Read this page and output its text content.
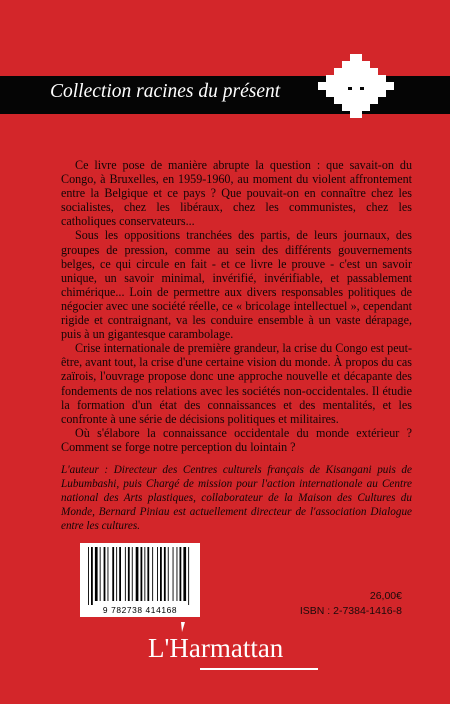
Collection racines du présent

Ce livre pose de manière abrupte la question : que savait-on du Congo, à Bruxelles, en 1959-1960, au moment du violent affrontement entre la Belgique et ce pays ? Que pouvait-on en connaître chez les socialistes, chez les libéraux, chez les communistes, chez les catholiques conservateurs...

Sous les oppositions tranchées des partis, de leurs journaux, des groupes de pression, comme au sein des différents gouvernements belges, ce qui circule en fait - et ce livre le prouve - c'est un savoir unique, un savoir minimal, invérifié, invérifiable, et passablement chimérique... Loin de permettre aux divers responsables politiques de négocier avec une société réelle, ce « bricolage intellectuel », cependant rigide et contraignant, va les conduire ensemble à un vaste dérapage, puis à un gigantesque carambolage.

Crise internationale de première grandeur, la crise du Congo est peut-être, avant tout, la crise d'une certaine vision du monde. À propos du cas zaïrois, l'ouvrage propose donc une approche nouvelle et décapante des fondements de nos relations avec les sociétés non-occidentales. Il étudie la formation d'un état des connaissances et des mentalités, et les confronte à une série de décisions politiques et militaires.

Où s'élabore la connaissance occidentale du monde extérieur ? Comment se forge notre perception du lointain ?

L'auteur : Directeur des Centres culturels français de Kisangani puis de Lubumbashi, puis Chargé de mission pour l'action internationale au Centre national des Arts plastiques, collaborateur de la Maison des Cultures du Monde, Bernard Piniau est actuellement directeur de l'association Dialogue entre les cultures.
9 782738 414168
26,00€
ISBN : 2-7384-1416-8
L'Harmattan
